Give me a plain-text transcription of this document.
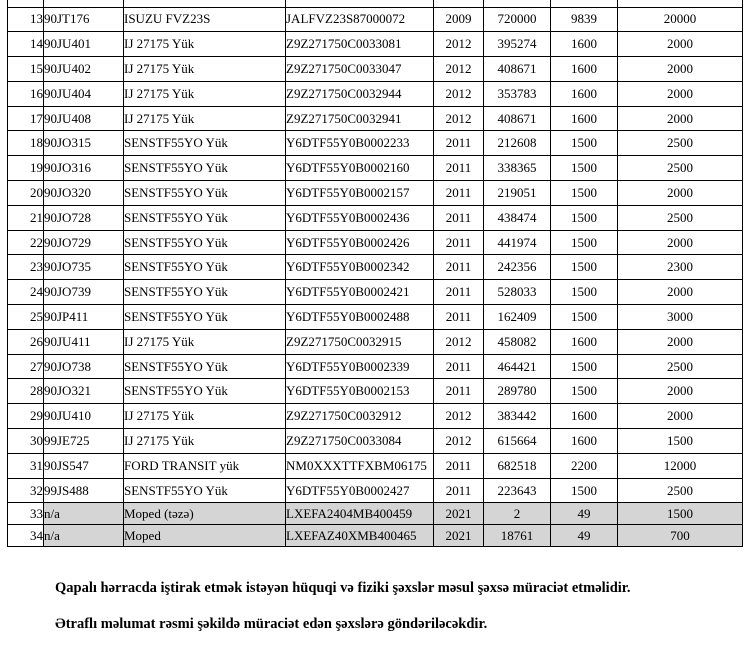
13	90JT176	ISUZU FVZ23S	JALFVZ23S87000072	2009	720000	9839	20000
14	90JU401	IJ 27175 Yük	Z9Z271750C0033081	2012	395274	1600	2000
15	90JU402	IJ 27175 Yük	Z9Z271750C0033047	2012	408671	1600	2000
16	90JU404	IJ 27175 Yük	Z9Z271750C0032944	2012	353783	1600	2000
17	90JU408	IJ 27175 Yük	Z9Z271750C0032941	2012	408671	1600	2000
18	90JO315	SENSTF55YO Yük	Y6DTF55Y0B0002233	2011	212608	1500	2500
19	90JO316	SENSTF55YO Yük	Y6DTF55Y0B0002160	2011	338365	1500	2500
20	90JO320	SENSTF55YO Yük	Y6DTF55Y0B0002157	2011	219051	1500	2000
21	90JO728	SENSTF55YO Yük	Y6DTF55Y0B0002436	2011	438474	1500	2500
22	90JO729	SENSTF55YO Yük	Y6DTF55Y0B0002426	2011	441974	1500	2000
23	90JO735	SENSTF55YO Yük	Y6DTF55Y0B0002342	2011	242356	1500	2300
24	90JO739	SENSTF55YO Yük	Y6DTF55Y0B0002421	2011	528033	1500	2000
25	90JP411	SENSTF55YO Yük	Y6DTF55Y0B0002488	2011	162409	1500	3000
26	90JU411	IJ 27175 Yük	Z9Z271750C0032915	2012	458082	1600	2000
27	90JO738	SENSTF55YO Yük	Y6DTF55Y0B0002339	2011	464421	1500	2500
28	90JO321	SENSTF55YO Yük	Y6DTF55Y0B0002153	2011	289780	1500	2000
29	90JU410	IJ 27175 Yük	Z9Z271750C0032912	2012	383442	1600	2000
30	99JE725	IJ 27175 Yük	Z9Z271750C0033084	2012	615664	1600	1500
31	90JS547	FORD TRANSIT yük	NM0XXXTTFXBM06175	2011	682518	2200	12000
32	99JS488	SENSTF55YO Yük	Y6DTF55Y0B0002427	2011	223643	1500	2500
33	n/a	Moped (təzə)	LXEFA2404MB400459	2021	2	49	1500
34	n/a	Moped	LXEFAZ40XMB400465	2021	18761	49	700

Qapalı hərracda iştirak etmək istəyən hüquqi və fiziki şəxslər məsul şəxsə müraciət etməlidir.

Ətraflı məlumat rəsmi şəkildə müraciət edən şəxslərə göndəriləcəkdir.
